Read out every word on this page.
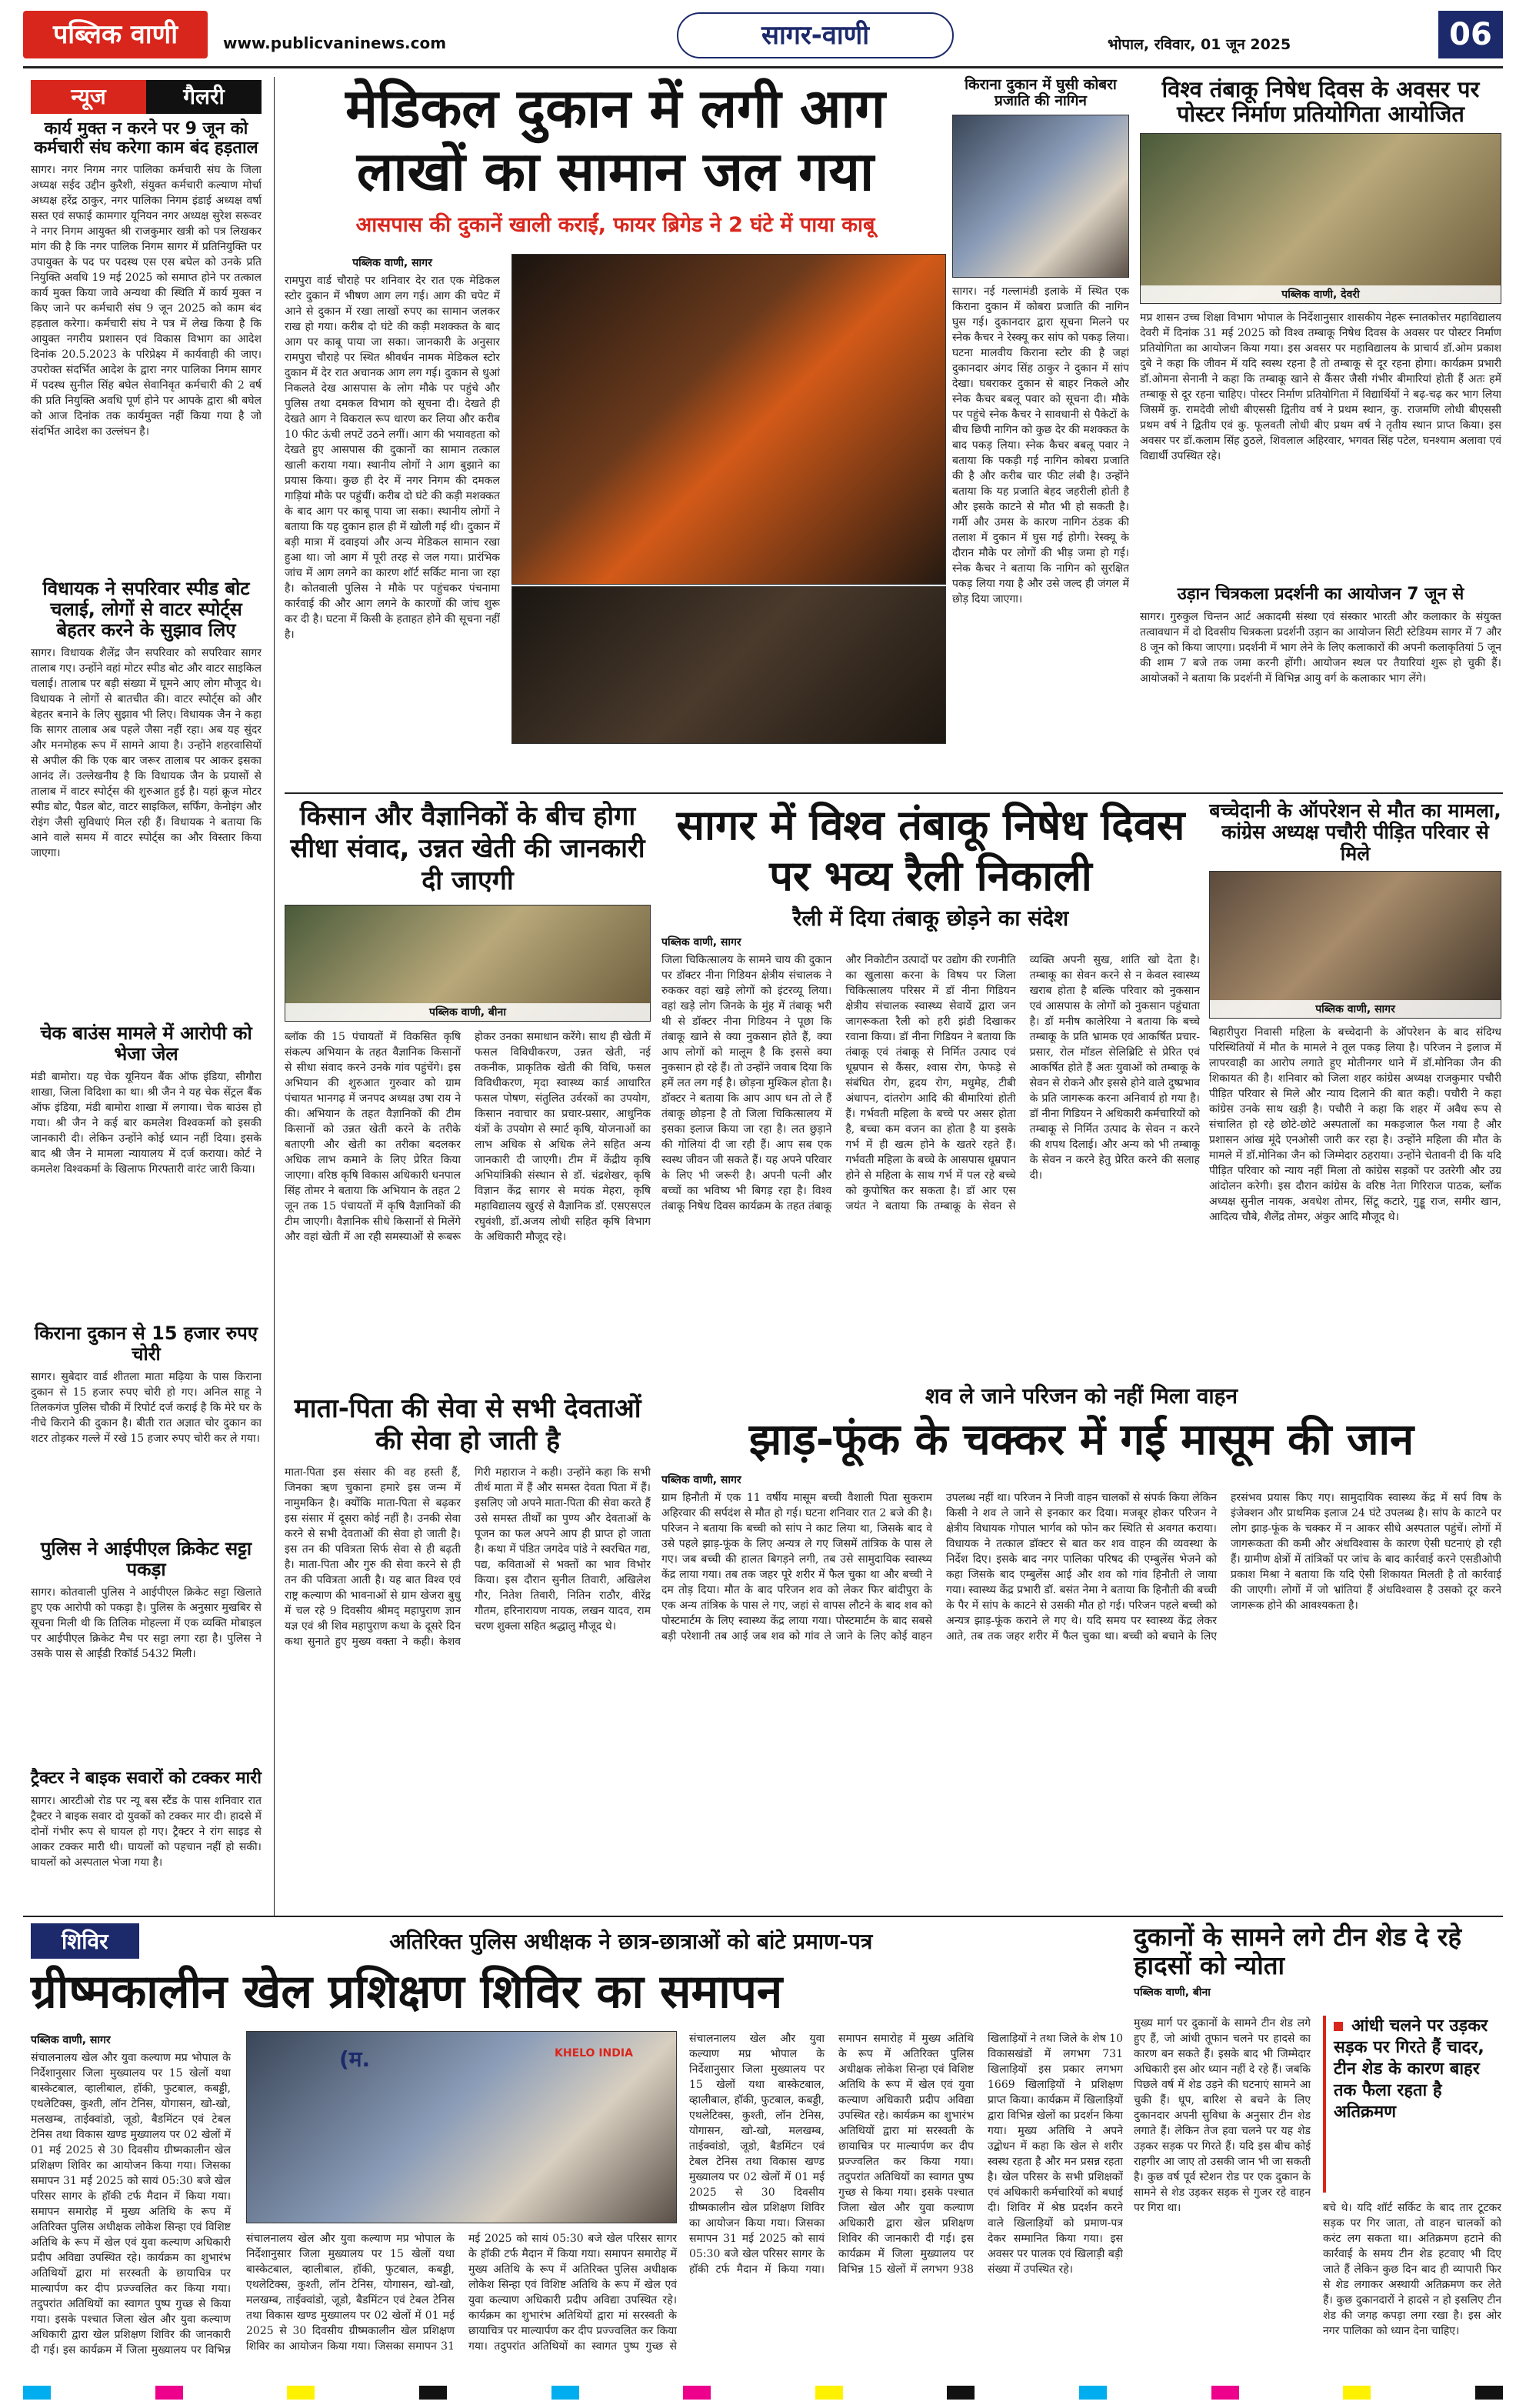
पब्लिक वाणी	www.publicvaninews.com	सागर-वाणी	भोपाल, रविवार, 01 जून 2025	06
न्यूज	गैलरी
कार्य मुक्त न करने पर 9 जून को कर्मचारी संघ करेगा काम बंद हड़ताल
सागर। नगर निगम नगर पालिका कर्मचारी संघ के जिला अध्यक्ष सईद उद्दीन कुरैशी, संयुक्त कर्मचारी कल्याण मोर्चा अध्यक्ष हरेंद्र ठाकुर, नगर पालिका निगम इंडाई अध्यक्ष वर्षा सस्त एवं सफाई कामगार यूनियन नगर अध्यक्ष सुरेश सरूवर ने नगर निगम आयुक्त श्री राजकुमार खत्री को पत्र लिखकर मांग की है कि नगर पालिक निगम सागर में प्रतिनियुक्ति पर उपायुक्त के पद पर पदस्थ एस एस बघेल को उनके प्रति नियुक्ति अवधि 19 मई 2025 को समाप्त होने पर तत्काल कार्य मुक्त किया जावे अन्यथा की स्थिति में कार्य मुक्त न किए जाने पर कर्मचारी संघ 9 जून 2025 को काम बंद हड़ताल करेगा। कर्मचारी संघ ने पत्र में लेख किया है कि आयुक्त नगरीय प्रशासन एवं विकास विभाग का आदेश दिनांक 20.5.2023 के परिप्रेक्ष्य में कार्यवाही की जाए। उपरोक्त संदर्भित आदेश के द्वारा नगर पालिका निगम सागर में पदस्थ सुनील सिंह बघेल सेवानिवृत कर्मचारी की 2 वर्ष की प्रति नियुक्ति अवधि पूर्ण होने पर आपके द्वारा श्री बघेल को आज दिनांक तक कार्यमुक्त नहीं किया गया है जो संदर्भित आदेश का उल्लंघन है।
विधायक ने सपरिवार स्पीड बोट चलाई, लोगों से वाटर स्पोर्ट्स बेहतर करने के सुझाव लिए
सागर। विधायक शैलेंद्र जैन सपरिवार को सपरिवार सागर तालाब गए। उन्होंने वहां मोटर स्पीड बोट और वाटर साइकिल चलाई। तालाब पर बड़ी संख्या में घूमने आए लोग मौजूद थे। विधायक ने लोगों से बातचीत की। वाटर स्पोर्ट्स को और बेहतर बनाने के लिए सुझाव भी लिए। विधायक जैन ने कहा कि सागर तालाब अब पहले जैसा नहीं रहा। अब यह सुंदर और मनमोहक रूप में सामने आया है। उन्होंने शहरवासियों से अपील की कि एक बार जरूर तालाब पर आकर इसका आनंद लें। उल्लेखनीय है कि विधायक जैन के प्रयासों से तालाब में वाटर स्पोर्ट्स की शुरुआत हुई है। यहां क्रूज मोटर स्पीड बोट, पैडल बोट, वाटर साइकिल, सर्फिंग, केनोइंग और रोइंग जैसी सुविधाएं मिल रही हैं। विधायक ने बताया कि आने वाले समय में वाटर स्पोर्ट्स का और विस्तार किया जाएगा।
चेक बाउंस मामले में आरोपी को भेजा जेल
मंडी बामोरा। यह चेक यूनियन बैंक ऑफ इंडिया, सीगौरा शाखा, जिला विदिशा का था। श्री जैन ने यह चेक सेंट्रल बैंक ऑफ इंडिया, मंडी बामोरा शाखा में लगाया। चेक बाउंस हो गया। श्री जैन ने कई बार कमलेश विश्वकर्मा को इसकी जानकारी दी। लेकिन उन्होंने कोई ध्यान नहीं दिया। इसके बाद श्री जैन ने मामला न्यायालय में दर्ज कराया। कोर्ट ने कमलेश विश्वकर्मा के खिलाफ गिरफ्तारी वारंट जारी किया।
किराना दुकान से 15 हजार रुपए चोरी
सागर। सुबेदार वार्ड शीतला माता मढ़िया के पास किराना दुकान से 15 हजार रुपए चोरी हो गए। अनिल साहू ने तिलकगंज पुलिस चौकी में रिपोर्ट दर्ज कराई है कि मेरे घर के नीचे किराने की दुकान है। बीती रात अज्ञात चोर दुकान का शटर तोड़कर गल्ले में रखे 15 हजार रुपए चोरी कर ले गया।
पुलिस ने आईपीएल क्रिकेट सट्टा पकड़ा
सागर। कोतवाली पुलिस ने आईपीएल क्रिकेट सट्टा खिलाते हुए एक आरोपी को पकड़ा है। पुलिस के अनुसार मुखबिर से सूचना मिली थी कि तिलिक मोहल्ला में एक व्यक्ति मोबाइल पर आईपीएल क्रिकेट मैच पर सट्टा लगा रहा है। पुलिस ने उसके पास से आईडी रिकॉर्ड 5432 मिली।
ट्रैक्टर ने बाइक सवारों को टक्कर मारी
सागर। आरटीओ रोड पर न्यू बस स्टैंड के पास शनिवार रात ट्रैक्टर ने बाइक सवार दो युवकों को टक्कर मार दी। हादसे में दोनों गंभीर रूप से घायल हो गए। ट्रैक्टर ने रांग साइड से आकर टक्कर मारी थी। घायलों को पहचान नहीं हो सकी। घायलों को अस्पताल भेजा गया है।
मेडिकल दुकान में लगी आग
लाखों का सामान जल गया
आसपास की दुकानें खाली कराईं, फायर ब्रिगेड ने 2 घंटे में पाया काबू
पब्लिक वाणी, सागर
रामपुरा वार्ड चौराहे पर शनिवार देर रात एक मेडिकल स्टोर दुकान में भीषण आग लग गई। आग की चपेट में आने से दुकान में रखा लाखों रुपए का सामान जलकर राख हो गया। करीब दो घंटे की कड़ी मशक्कत के बाद आग पर काबू पाया जा सका। जानकारी के अनुसार रामपुरा चौराहे पर स्थित श्रीवर्धन नामक मेडिकल स्टोर दुकान में देर रात अचानक आग लग गई। दुकान से धुआं निकलते देख आसपास के लोग मौके पर पहुंचे और पुलिस तथा दमकल विभाग को सूचना दी। देखते ही देखते आग ने विकराल रूप धारण कर लिया और करीब 10 फीट ऊंची लपटें उठने लगीं। आग की भयावहता को देखते हुए आसपास की दुकानों का सामान तत्काल खाली कराया गया। स्थानीय लोगों ने आग बुझाने का प्रयास किया। कुछ ही देर में नगर निगम की दमकल गाड़ियां मौके पर पहुंचीं। करीब दो घंटे की कड़ी मशक्कत के बाद आग पर काबू पाया जा सका। स्थानीय लोगों ने बताया कि यह दुकान हाल ही में खोली गई थी। दुकान में बड़ी मात्रा में दवाइयां और अन्य मेडिकल सामान रखा हुआ था। जो आग में पूरी तरह से जल गया। प्रारंभिक जांच में आग लगने का कारण शॉर्ट सर्किट माना जा रहा है। कोतवाली पुलिस ने मौके पर पहुंचकर पंचनामा कार्रवाई की और आग लगने के कारणों की जांच शुरू कर दी है। घटना में किसी के हताहत होने की सूचना नहीं है।
किराना दुकान में घुसी कोबरा प्रजाति की नागिन
सागर। नई गल्लामंडी इलाके में स्थित एक किराना दुकान में कोबरा प्रजाति की नागिन घुस गई। दुकानदार द्वारा सूचना मिलने पर स्नेक कैचर ने रेस्क्यू कर सांप को पकड़ लिया। घटना मालवीय किराना स्टोर की है जहां दुकानदार अंगद सिंह ठाकुर ने दुकान में सांप देखा। घबराकर दुकान से बाहर निकले और स्नेक कैचर बबलू पवार को सूचना दी। मौके पर पहुंचे स्नेक कैचर ने सावधानी से पैकेटों के बीच छिपी नागिन को कुछ देर की मशक्कत के बाद पकड़ लिया। स्नेक कैचर बबलू पवार ने बताया कि पकड़ी गई नागिन कोबरा प्रजाति की है और करीब चार फीट लंबी है। उन्होंने बताया कि यह प्रजाति बेहद जहरीली होती है और इसके काटने से मौत भी हो सकती है। गर्मी और उमस के कारण नागिन ठंडक की तलाश में दुकान में घुस गई होगी। रेस्क्यू के दौरान मौके पर लोगों की भीड़ जमा हो गई। स्नेक कैचर ने बताया कि नागिन को सुरक्षित पकड़ लिया गया है और उसे जल्द ही जंगल में छोड़ दिया जाएगा।
विश्व तंबाकू निषेध दिवस के अवसर पर पोस्टर निर्माण प्रतियोगिता आयोजित
पब्लिक वाणी, देवरी
मप्र शासन उच्च शिक्षा विभाग भोपाल के निर्देशानुसार शासकीय नेहरू स्नातकोत्तर महाविद्यालय देवरी में दिनांक 31 मई 2025 को विश्व तम्बाकू निषेध दिवस के अवसर पर पोस्टर निर्माण प्रतियोगिता का आयोजन किया गया। इस अवसर पर महाविद्यालय के प्राचार्य डॉ.ओम प्रकाश दुबे ने कहा कि जीवन में यदि स्वस्थ रहना है तो तम्बाकू से दूर रहना होगा। कार्यक्रम प्रभारी डॉ.ओमना सेनानी ने कहा कि तम्बाकू खाने से कैंसर जैसी गंभीर बीमारियां होती हैं अतः हमें तम्बाकू से दूर रहना चाहिए। पोस्टर निर्माण प्रतियोगिता में विद्यार्थियों ने बढ़-चढ़ कर भाग लिया जिसमें कु. रामदेवी लोधी बीएससी द्वितीय वर्ष ने प्रथम स्थान, कु. राजमणि लोधी बीएससी प्रथम वर्ष ने द्वितीय एवं कु. फूलवती लोधी बीए प्रथम वर्ष ने तृतीय स्थान प्राप्त किया। इस अवसर पर डॉ.कलाम सिंह ठुठले, शिवलाल अहिरवार, भगवत सिंह पटेल, घनश्याम अलावा एवं विद्यार्थी उपस्थित रहे।
उड़ान चित्रकला प्रदर्शनी का आयोजन 7 जून से
सागर। गुरुकुल चिन्तन आर्ट अकादमी संस्था एवं संस्कार भारती और कलाकार के संयुक्त तत्वावधान में दो दिवसीय चित्रकला प्रदर्शनी उड़ान का आयोजन सिटी स्टेडियम सागर में 7 और 8 जून को किया जाएगा। प्रदर्शनी में भाग लेने के लिए कलाकारों की अपनी कलाकृतियां 5 जून की शाम 7 बजे तक जमा करनी होंगी। आयोजन स्थल पर तैयारियां शुरू हो चुकी हैं। आयोजकों ने बताया कि प्रदर्शनी में विभिन्न आयु वर्ग के कलाकार भाग लेंगे।
किसान और वैज्ञानिकों के बीच होगा सीधा संवाद, उन्नत खेती की जानकारी दी जाएगी
पब्लिक वाणी, बीना
ब्लॉक की 15 पंचायतों में विकसित कृषि संकल्प अभियान के तहत वैज्ञानिक किसानों से सीधा संवाद करने उनके गांव पहुंचेंगे। इस अभियान की शुरुआत गुरुवार को ग्राम पंचायत भानगढ़ में जनपद अध्यक्ष उषा राय ने की। अभियान के तहत वैज्ञानिकों की टीम किसानों को उन्नत खेती करने के तरीके बताएगी और खेती का तरीका बदलकर अधिक लाभ कमाने के लिए प्रेरित किया जाएगा। वरिष्ठ कृषि विकास अधिकारी धनपाल सिंह तोमर ने बताया कि अभियान के तहत 2 जून तक 15 पंचायतों में कृषि वैज्ञानिकों की टीम जाएगी। वैज्ञानिक सीधे किसानों से मिलेंगे और वहां खेती में आ रही समस्याओं से रूबरू होकर उनका समाधान करेंगे। साथ ही खेती में फसल विविधीकरण, उन्नत खेती, नई तकनीक, प्राकृतिक खेती की विधि, फसल विविधीकरण, मृदा स्वास्थ्य कार्ड आधारित फसल पोषण, संतुलित उर्वरकों का उपयोग, किसान नवाचार का प्रचार-प्रसार, आधुनिक यंत्रों के उपयोग से स्मार्ट कृषि, योजनाओं का लाभ अधिक से अधिक लेने सहित अन्य जानकारी दी जाएगी। टीम में केंद्रीय कृषि अभियांत्रिकी संस्थान से डॉ. चंद्रशेखर, कृषि विज्ञान केंद्र सागर से मयंक मेहरा, कृषि महाविद्यालय खुरई से वैज्ञानिक डॉ. एसएसएल रघुवंशी, डॉ.अजय लोधी सहित कृषि विभाग के अधिकारी मौजूद रहे।
माता-पिता की सेवा से सभी देवताओं की सेवा हो जाती है
माता-पिता इस संसार की वह हस्ती हैं, जिनका ऋण चुकाना हमारे इस जन्म में नामुमकिन है। क्योंकि माता-पिता से बढ़कर इस संसार में दूसरा कोई नहीं है। उनकी सेवा करने से सभी देवताओं की सेवा हो जाती है। इस तन की पवित्रता सिर्फ सेवा से ही बढ़ती है। माता-पिता और गुरु की सेवा करने से ही तन की पवित्रता आती है। यह बात विश्व एवं राष्ट्र कल्याण की भावनाओं से ग्राम खेजरा बुधु में चल रहे 9 दिवसीय श्रीमद् महापुराण ज्ञान यज्ञ एवं श्री शिव महापुराण कथा के दूसरे दिन कथा सुनाते हुए मुख्य वक्ता ने कही। केशव गिरी महाराज ने कही। उन्होंने कहा कि सभी तीर्थ माता में हैं और समस्त देवता पिता में हैं। इसलिए जो अपने माता-पिता की सेवा करते हैं उसे समस्त तीर्थों का पुण्य और देवताओं के पूजन का फल अपने आप ही प्राप्त हो जाता है। कथा में पंडित जगदेव पांडे ने स्वरचित गद्य, पद्य, कविताओं से भक्तों का भाव विभोर किया। इस दौरान सुनील तिवारी, अखिलेश गौर, नितेश तिवारी, नितिन राठौर, वीरेंद्र गौतम, हरिनारायण नायक, लखन यादव, राम चरण शुक्ला सहित श्रद्धालु मौजूद थे।
सागर में विश्व तंबाकू निषेध दिवस पर भव्य रैली निकाली
रैली में दिया तंबाकू छोड़ने का संदेश
पब्लिक वाणी, सागर
जिला चिकित्सालय के सामने चाय की दुकान पर डॉक्टर नीना गिडियन क्षेत्रीय संचालक ने रुककर वहां खड़े लोगों को इंटरव्यू लिया। वहां खड़े लोग जिनके के मुंह में तंबाकू भरी थी से डॉक्टर नीना गिडियन ने पूछा कि तंबाकू खाने से क्या नुकसान होते हैं, क्या आप लोगों को मालूम है कि इससे क्या नुकसान हो रहे हैं। तो उन्होंने जवाब दिया कि हमें लत लग गई है। छोड़ना मुश्किल होता है। डॉक्टर ने बताया कि आप आप धन तो ले हैं तंबाकू छोड़ना है तो जिला चिकित्सालय में इसका इलाज किया जा रहा है। लत छुड़ाने की गोलियां दी जा रही हैं। आप सब एक स्वस्थ जीवन जी सकते हैं। यह अपने परिवार के लिए भी जरूरी है। अपनी पत्नी और बच्चों का भविष्य भी बिगड़ रहा है। विश्व तंबाकू निषेध दिवस कार्यक्रम के तहत तंबाकू और निकोटीन उत्पादों पर उद्योग की रणनीति का खुलासा करना के विषय पर जिला चिकित्सालय परिसर में डॉ नीना गिडियन क्षेत्रीय संचालक स्वास्थ्य सेवायें द्वारा जन जागरूकता रैली को हरी झंडी दिखाकर रवाना किया। डॉ नीना गिडियन ने बताया कि तंबाकू एवं तंबाकू से निर्मित उत्पाद एवं धूम्रपान से कैंसर, श्वास रोग, फेफड़े से संबंधित रोग, हृदय रोग, मधुमेह, टीबी अंधापन, दांतरोग आदि की बीमारियां होती हैं। गर्भवती महिला के बच्चे पर असर होता है, बच्चा कम वजन का होता है या इसके गर्भ में ही खत्म होने के खतरे रहते हैं। गर्भवती महिला के बच्चे के आसपास धूम्रपान होने से महिला के साथ गर्भ में पल रहे बच्चे को कुपोषित कर सकता है। डॉ आर एस जयंत ने बताया कि तम्बाकू के सेवन से व्यक्ति अपनी सुख, शांति खो देता है। तम्बाकू का सेवन करने से न केवल स्वास्थ्य खराब होता है बल्कि परिवार को नुकसान एवं आसपास के लोगों को नुकसान पहुंचाता है। डॉ मनीष कालेरिया ने बताया कि बच्चे तम्बाकू के प्रति भ्रामक एवं आकर्षित प्रचार-प्रसार, रोल मॉडल सेलिब्रिटि से प्रेरित एवं आकर्षित होते हैं अतः युवाओं को तम्बाकू के सेवन से रोकने और इससे होने वाले दुष्प्रभाव के प्रति जागरूक करना अनिवार्य हो गया है। डॉ नीना गिडियन ने अधिकारी कर्मचारियों को तम्बाकू से निर्मित उत्पाद के सेवन न करने की शपथ दिलाई। और अन्य को भी तम्बाकू के सेवन न करने हेतु प्रेरित करने की सलाह दी।
बच्चेदानी के ऑपरेशन से मौत का मामला, कांग्रेस अध्यक्ष पचौरी पीड़ित परिवार से मिले
पब्लिक वाणी, सागर
बिहारीपुरा निवासी महिला के बच्चेदानी के ऑपरेशन के बाद संदिग्ध परिस्थितियों में मौत के मामले ने तूल पकड़ लिया है। परिजन ने इलाज में लापरवाही का आरोप लगाते हुए मोतीनगर थाने में डॉ.मोनिका जैन की शिकायत की है। शनिवार को जिला शहर कांग्रेस अध्यक्ष राजकुमार पचौरी पीड़ित परिवार से मिले और न्याय दिलाने की बात कही। पचौरी ने कहा कांग्रेस उनके साथ खड़ी है। पचौरी ने कहा कि शहर में अवैध रूप से संचालित हो रहे छोटे-छोटे अस्पतालों का मकड़जाल फैल गया है और प्रशासन आंख मूंदे एनओसी जारी कर रहा है। उन्होंने महिला की मौत के मामले में डॉ.मोनिका जैन को जिम्मेदार ठहराया। उन्होंने चेतावनी दी कि यदि पीड़ित परिवार को न्याय नहीं मिला तो कांग्रेस सड़कों पर उतरेगी और उग्र आंदोलन करेगी। इस दौरान कांग्रेस के वरिष्ठ नेता गिरिराज पाठक, ब्लॉक अध्यक्ष सुनील नायक, अवधेश तोमर, सिंटू कटारे, गुड्डू राज, समीर खान, आदित्य चौबे, शैलेंद्र तोमर, अंकुर आदि मौजूद थे।
शव ले जाने परिजन को नहीं मिला वाहन
झाड़-फूंक के चक्कर में गई मासूम की जान
पब्लिक वाणी, सागर
ग्राम हिनौती में एक 11 वर्षीय मासूम बच्ची वैशाली पिता सुकराम अहिरवार की सर्पदंश से मौत हो गई। घटना शनिवार रात 2 बजे की है। परिजन ने बताया कि बच्ची को सांप ने काट लिया था, जिसके बाद वे उसे पहले झाड़-फूंक के लिए अन्यत्र ले गए जिसमें तांत्रिक के पास ले गए। जब बच्ची की हालत बिगड़ने लगी, तब उसे सामुदायिक स्वास्थ्य केंद्र लाया गया। तब तक जहर पूरे शरीर में फैल चुका था और बच्ची ने दम तोड़ दिया। मौत के बाद परिजन शव को लेकर फिर बांदीपुरा के एक अन्य तांत्रिक के पास ले गए, जहां से वापस लौटने के बाद शव को पोस्टमार्टम के लिए स्वास्थ्य केंद्र लाया गया। पोस्टमार्टम के बाद सबसे बड़ी परेशानी तब आई जब शव को गांव ले जाने के लिए कोई वाहन उपलब्ध नहीं था। परिजन ने निजी वाहन चालकों से संपर्क किया लेकिन किसी ने शव ले जाने से इनकार कर दिया। मजबूर होकर परिजन ने क्षेत्रीय विधायक गोपाल भार्गव को फोन कर स्थिति से अवगत कराया। विधायक ने तत्काल डॉक्टर से बात कर शव वाहन की व्यवस्था के निर्देश दिए। इसके बाद नगर पालिका परिषद की एम्बुलेंस भेजने को कहा जिसके बाद एम्बुलेंस आई और शव को गांव हिनौती ले जाया गया। स्वास्थ्य केंद्र प्रभारी डॉ. बसंत नेमा ने बताया कि हिनौती की बच्ची के पैर में सांप के काटने से उसकी मौत हो गई। परिजन पहले बच्ची को अन्यत्र झाड़-फूंक कराने ले गए थे। यदि समय पर स्वास्थ्य केंद्र लेकर आते, तब तक जहर शरीर में फैल चुका था। बच्ची को बचाने के लिए हरसंभव प्रयास किए गए। सामुदायिक स्वास्थ्य केंद्र में सर्प विष के इंजेक्शन और प्राथमिक इलाज 24 घंटे उपलब्ध है। सांप के काटने पर लोग झाड़-फूंक के चक्कर में न आकर सीधे अस्पताल पहुंचें। लोगों में जागरूकता की कमी और अंधविश्वास के कारण ऐसी घटनाएं हो रही हैं। ग्रामीण क्षेत्रों में तांत्रिकों पर जांच के बाद कार्रवाई करने एसडीओपी प्रकाश मिश्रा ने बताया कि यदि ऐसी शिकायत मिलती है तो कार्रवाई की जाएगी। लोगों में जो भ्रांतियां हैं अंधविश्वास है उसको दूर करने जागरूक होने की आवश्यकता है।
शिविर	अतिरिक्त पुलिस अधीक्षक ने छात्र-छात्राओं को बांटे प्रमाण-पत्र
ग्रीष्मकालीन खेल प्रशिक्षण शिविर का समापन
पब्लिक वाणी, सागर
संचालनालय खेल और युवा कल्याण मप्र भोपाल के निर्देशानुसार जिला मुख्यालय पर 15 खेलों यथा बास्केटबाल, व्हालीबाल, हॉकी, फुटबाल, कबड्डी, एथलेटिक्स, कुश्ती, लॉन टेनिस, योगासन, खो-खो, मलखम्ब, ताईक्वांडो, जूडो, बैडमिंटन एवं टेबल टेनिस तथा विकास खण्ड मुख्यालय पर 02 खेलों में 01 मई 2025 से 30 दिवसीय ग्रीष्मकालीन खेल प्रशिक्षण शिविर का आयोजन किया गया। जिसका समापन 31 मई 2025 को सायं 05:30 बजे खेल परिसर सागर के हॉकी टर्फ मैदान में किया गया। समापन समारोह में मुख्य अतिथि के रूप में अतिरिक्त पुलिस अधीक्षक लोकेश सिन्हा एवं विशिष्ट अतिथि के रूप में खेल एवं युवा कल्याण अधिकारी प्रदीप अविद्या उपस्थित रहे। कार्यक्रम का शुभारंभ अतिथियों द्वारा मां सरस्वती के छायाचित्र पर माल्यार्पण कर दीप प्रज्ज्वलित कर किया गया। तदुपरांत अतिथियों का स्वागत पुष्प गुच्छ से किया गया। इसके पश्चात जिला खेल और युवा कल्याण अधिकारी द्वारा खेल प्रशिक्षण शिविर की जानकारी दी गई। इस कार्यक्रम में जिला मुख्यालय पर विभिन्न
(म.	KHELO INDIA
संचालनालय खेल और युवा कल्याण मप्र भोपाल के निर्देशानुसार जिला मुख्यालय पर 15 खेलों यथा बास्केटबाल, व्हालीबाल, हॉकी, फुटबाल, कबड्डी, एथलेटिक्स, कुश्ती, लॉन टेनिस, योगासन, खो-खो, मलखम्ब, ताईक्वांडो, जूडो, बैडमिंटन एवं टेबल टेनिस तथा विकास खण्ड मुख्यालय पर 02 खेलों में 01 मई 2025 से 30 दिवसीय ग्रीष्मकालीन खेल प्रशिक्षण शिविर का आयोजन किया गया। जिसका समापन 31 मई 2025 को सायं 05:30 बजे खेल परिसर सागर के हॉकी टर्फ मैदान में किया गया। समापन समारोह में मुख्य अतिथि के रूप में अतिरिक्त पुलिस अधीक्षक लोकेश सिन्हा एवं विशिष्ट अतिथि के रूप में खेल एवं युवा कल्याण अधिकारी प्रदीप अविद्या उपस्थित रहे। कार्यक्रम का शुभारंभ अतिथियों द्वारा मां सरस्वती के छायाचित्र पर माल्यार्पण कर दीप प्रज्ज्वलित कर किया गया। तदुपरांत अतिथियों का स्वागत पुष्प गुच्छ से
संचालनालय खेल और युवा कल्याण मप्र भोपाल के निर्देशानुसार जिला मुख्यालय पर 15 खेलों यथा बास्केटबाल, व्हालीबाल, हॉकी, फुटबाल, कबड्डी, एथलेटिक्स, कुश्ती, लॉन टेनिस, योगासन, खो-खो, मलखम्ब, ताईक्वांडो, जूडो, बैडमिंटन एवं टेबल टेनिस तथा विकास खण्ड मुख्यालय पर 02 खेलों में 01 मई 2025 से 30 दिवसीय ग्रीष्मकालीन खेल प्रशिक्षण शिविर का आयोजन किया गया। जिसका समापन 31 मई 2025 को सायं 05:30 बजे खेल परिसर सागर के हॉकी टर्फ मैदान में किया गया। समापन समारोह में मुख्य अतिथि के रूप में अतिरिक्त पुलिस अधीक्षक लोकेश सिन्हा एवं विशिष्ट अतिथि के रूप में खेल एवं युवा कल्याण अधिकारी प्रदीप अविद्या उपस्थित रहे। कार्यक्रम का शुभारंभ अतिथियों द्वारा मां सरस्वती के छायाचित्र पर माल्यार्पण कर दीप प्रज्ज्वलित कर किया गया। तदुपरांत अतिथियों का स्वागत पुष्प गुच्छ से किया गया। इसके पश्चात जिला खेल और युवा कल्याण अधिकारी द्वारा खेल प्रशिक्षण शिविर की जानकारी दी गई। इस कार्यक्रम में जिला मुख्यालय पर विभिन्न 15 खेलों में लगभग 938 खिलाड़ियों ने तथा जिले के शेष 10 विकासखंडों में लगभग 731 खिलाड़ियों इस प्रकार लगभग 1669 खिलाड़ियों ने प्रशिक्षण प्राप्त किया। कार्यक्रम में खिलाड़ियों द्वारा विभिन्न खेलों का प्रदर्शन किया गया। मुख्य अतिथि ने अपने उद्बोधन में कहा कि खेल से शरीर स्वस्थ रहता है और मन प्रसन्न रहता है। खेल परिसर के सभी प्रशिक्षकों एवं अधिकारी कर्मचारियों को बधाई दी। शिविर में श्रेष्ठ प्रदर्शन करने वाले खिलाड़ियों को प्रमाण-पत्र देकर सम्मानित किया गया। इस अवसर पर पालक एवं खिलाड़ी बड़ी संख्या में उपस्थित रहे।
दुकानों के सामने लगे टीन शेड दे रहे हादसों को न्योता
पब्लिक वाणी, बीना
मुख्य मार्ग पर दुकानों के सामने टीन शेड लगे हुए हैं, जो आंधी तूफान चलने पर हादसे का कारण बन सकते हैं। इसके बाद भी जिम्मेदार अधिकारी इस ओर ध्यान नहीं दे रहे हैं। जबकि पिछले वर्ष में शेड उड़ने की घटनाएं सामने आ चुकी हैं। धूप, बारिश से बचने के लिए दुकानदार अपनी सुविधा के अनुसार टीन शेड लगाते हैं। लेकिन तेज हवा चलने पर यह शेड उड़कर सड़क पर गिरते हैं। यदि इस बीच कोई राहगीर आ जाए तो उसकी जान भी जा सकती है। कुछ वर्ष पूर्व स्टेशन रोड पर एक दुकान के सामने से शेड उड़कर सड़क से गुजर रहे वाहन पर गिरा था।
आंधी चलने पर उड़कर सड़क पर गिरते हैं चादर, टीन शेड के कारण बाहर तक फैला रहता है अतिक्रमण
बचे थे। यदि शॉर्ट सर्किट के बाद तार टूटकर सड़क पर गिर जाता, तो वाहन चालकों को करंट लग सकता था। अतिक्रमण हटाने की कार्रवाई के समय टीन शेड हटवाए भी दिए जाते हैं लेकिन कुछ दिन बाद ही व्यापारी फिर से शेड लगाकर अस्थायी अतिक्रमण कर लेते हैं। कुछ दुकानदारों ने हादसे न हो इसलिए टीन शेड की जगह कपड़ा लगा रखा है। इस ओर नगर पालिका को ध्यान देना चाहिए।
